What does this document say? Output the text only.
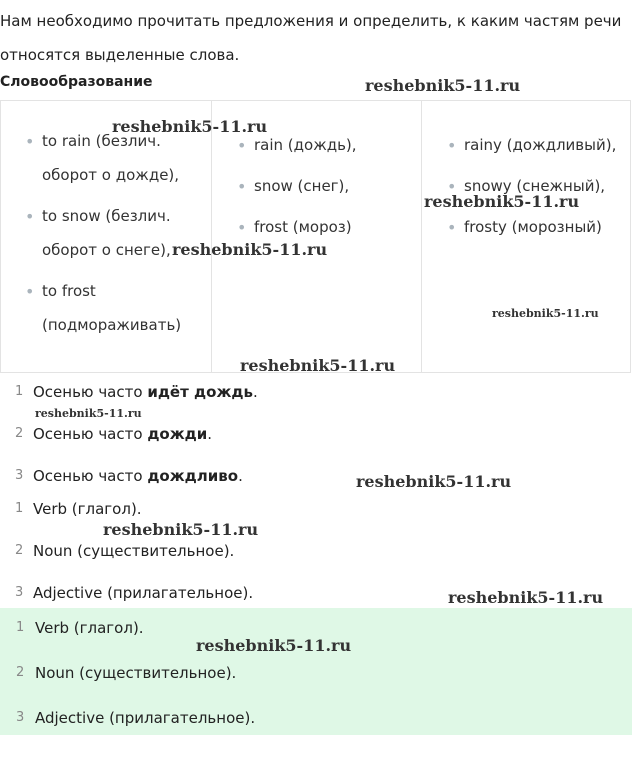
Нам необходимо прочитать предложения и определить, к каким частям речи относятся выделенные слова.
Словообразование
• to rain (безлич. оборот о дожде),
• to snow (безлич. оборот о снеге),
• to frost (подмораживать)
• rain (дождь),
• snow (снег),
• frost (мороз)
• rainy (дождливый),
• snowy (снежный),
• frosty (морозный)
1 Осенью часто идёт дождь.
2 Осенью часто дожди.
3 Осенью часто дождливо.
1 Verb (глагол).
2 Noun (существительное).
3 Adjective (прилагательное).
1 Verb (глагол).
2 Noun (существительное).
3 Adjective (прилагательное).
reshebnik5-11.ru
reshebnik5-11.ru
reshebnik5-11.ru
reshebnik5-11.ru
reshebnik5-11.ru
reshebnik5-11.ru
reshebnik5-11.ru
reshebnik5-11.ru
reshebnik5-11.ru
reshebnik5-11.ru
reshebnik5-11.ru
